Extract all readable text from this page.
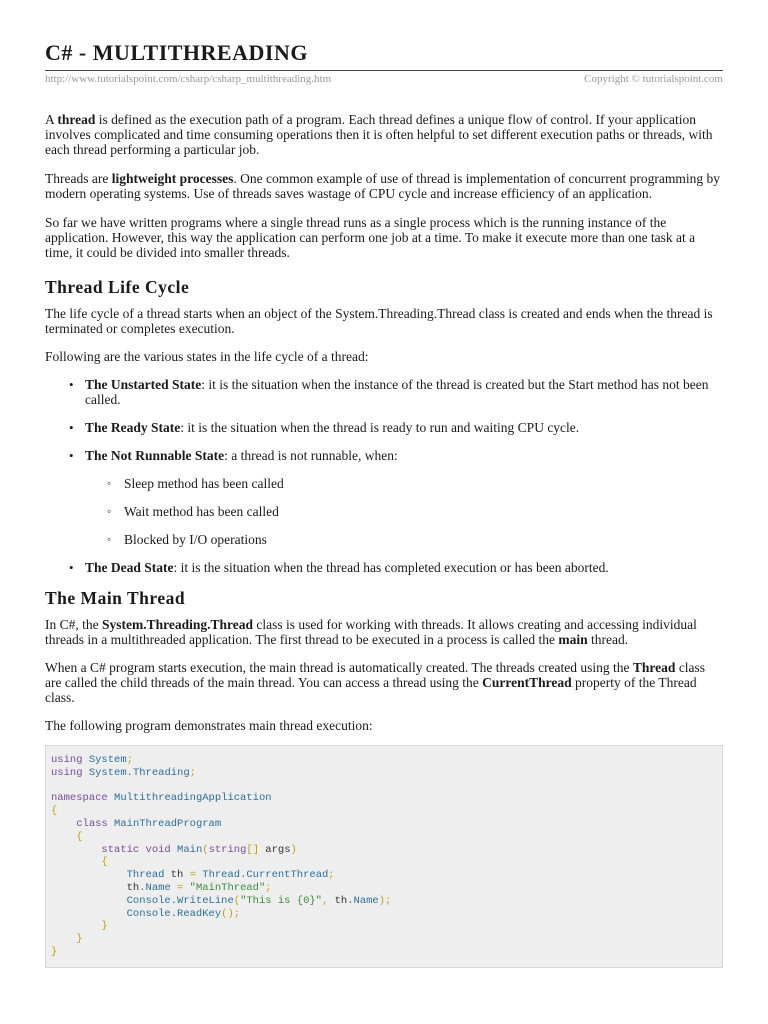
C# - MULTITHREADING
http://www.tutorialspoint.com/csharp/csharp_multithreading.htm	Copyright © tutorialspoint.com

A thread is defined as the execution path of a program. Each thread defines a unique flow of control. If your application involves complicated and time consuming operations then it is often helpful to set different execution paths or threads, with each thread performing a particular job.

Threads are lightweight processes. One common example of use of thread is implementation of concurrent programming by modern operating systems. Use of threads saves wastage of CPU cycle and increase efficiency of an application.

So far we have written programs where a single thread runs as a single process which is the running instance of the application. However, this way the application can perform one job at a time. To make it execute more than one task at a time, it could be divided into smaller threads.

Thread Life Cycle

The life cycle of a thread starts when an object of the System.Threading.Thread class is created and ends when the thread is terminated or completes execution.

Following are the various states in the life cycle of a thread:

• The Unstarted State: it is the situation when the instance of the thread is created but the Start method has not been called.
• The Ready State: it is the situation when the thread is ready to run and waiting CPU cycle.
• The Not Runnable State: a thread is not runnable, when:
◦ Sleep method has been called
◦ Wait method has been called
◦ Blocked by I/O operations
• The Dead State: it is the situation when the thread has completed execution or has been aborted.
The Main Thread

In C#, the System.Threading.Thread class is used for working with threads. It allows creating and accessing individual threads in a multithreaded application. The first thread to be executed in a process is called the main thread.

When a C# program starts execution, the main thread is automatically created. The threads created using the Thread class are called the child threads of the main thread. You can access a thread using the CurrentThread property of the Thread class.

The following program demonstrates main thread execution:

using System;
using System.Threading;

namespace MultithreadingApplication
{
class MainThreadProgram
{
static void Main(string[] args)
{
Thread th = Thread.CurrentThread;
th.Name = "MainThread";
Console.WriteLine("This is {0}", th.Name);
Console.ReadKey();
}
}
}
